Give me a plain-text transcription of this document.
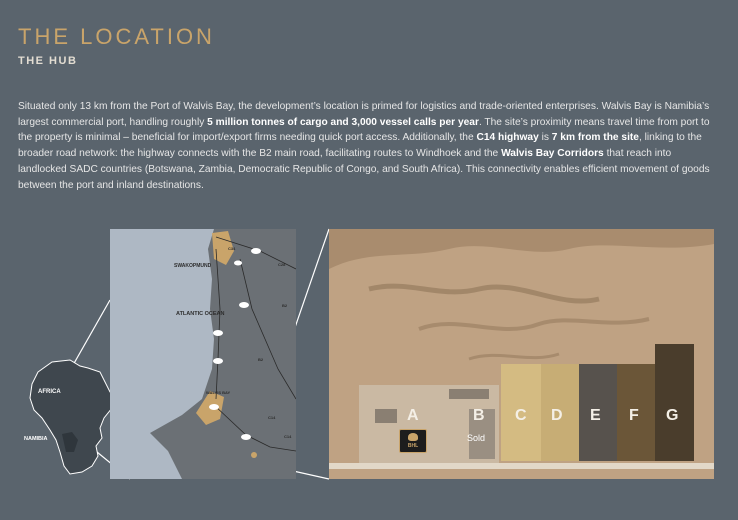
THE LOCATION
THE HUB

Situated only 13 km from the Port of Walvis Bay, the development’s location is primed for logistics and trade-oriented enterprises. Walvis Bay is Namibia’s largest commercial port, handling roughly 5 million tonnes of cargo and 3,000 vessel calls per year. The site’s proximity means travel time from port to the property is minimal – beneficial for import/export firms needing quick port access. Additionally, the C14 highway is 7 km from the site, linking to the broader road network: the highway connects with the B2 main road, facilitating routes to Windhoek and the Walvis Bay Corridors that reach into landlocked SADC countries (Botswana, Zambia, Democratic Republic of Congo, and South Africa). This connectivity enables efficient movement of goods between the port and inland destinations.

AFRICA
NAMIBIA
SWAKOPMUND
ATLANTIC OCEAN
WALVIS BAY
C34
C28
B2
B2
C14
C14
A	B
Sold
C D E F G
BHL
